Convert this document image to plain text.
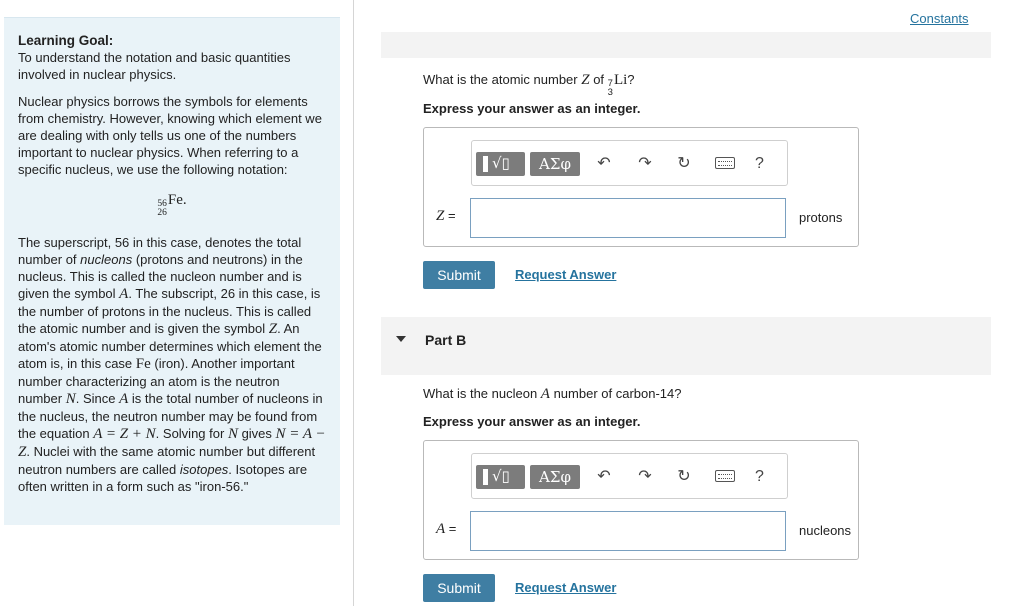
Learning Goal:

To understand the notation and basic quantities involved in nuclear physics.

Nuclear physics borrows the symbols for elements from chemistry. However, knowing which element we are dealing with only tells us one of the numbers important to nuclear physics. When referring to a specific nucleus, we use the following notation:

56
26
Fe.

The superscript, 56 in this case, denotes the total number of nucleons (protons and neutrons) in the nucleus. This is called the nucleon number and is given the symbol A. The subscript, 26 in this case, is the number of protons in the nucleus. This is called the atomic number and is given the symbol Z. An atom's atomic number determines which element the atom is, in this case Fe (iron). Another important number characterizing an atom is the neutron number N. Since A is the total number of nucleons in the nucleus, the neutron number may be found from the equation A = Z + N. Solving for N gives N = A − Z. Nuclei with the same atomic number but different neutron numbers are called isotopes. Isotopes are often written in a form such as "iron-56."

Constants
What is the atomic number Z of 7
3
Li?
Express your answer as an integer.
√▯	ΑΣφ	↶ ↷ ↻	?
Z =	protons
Submit	Request Answer
Part B
What is the nucleon A number of carbon-14?
Express your answer as an integer.
√▯	ΑΣφ	↶ ↷ ↻	?
A =	nucleons
Submit	Request Answer
